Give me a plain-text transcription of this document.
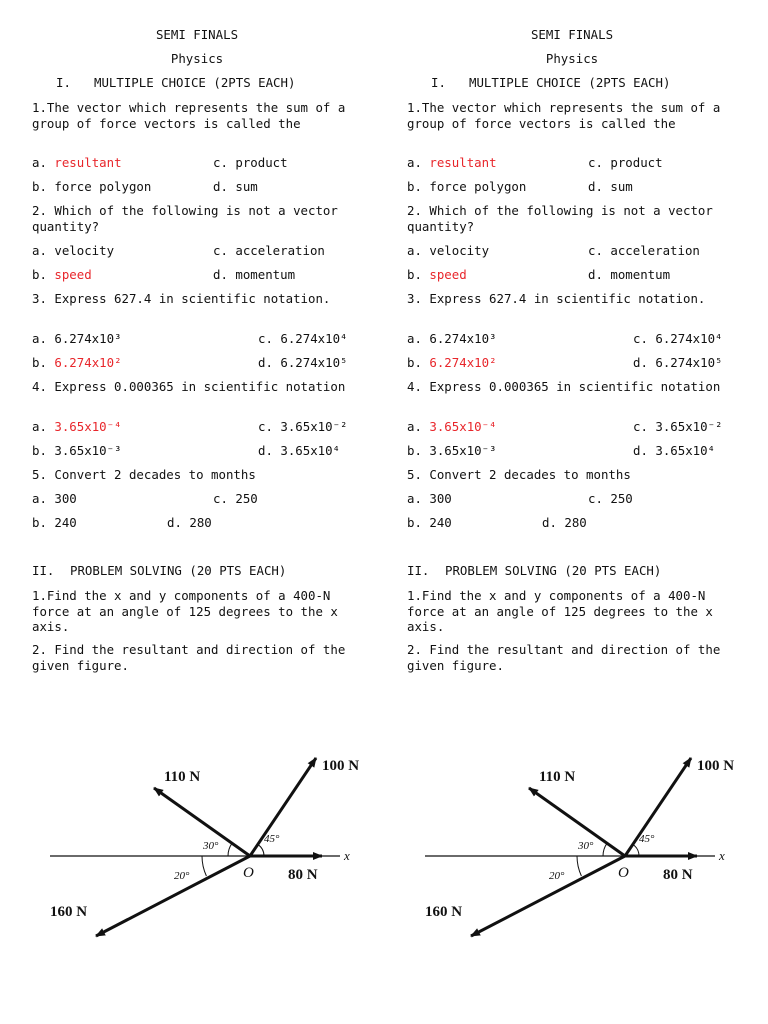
SEMI FINALS
Physics
I. MULTIPLE CHOICE (2PTS EACH)
1.The vector which represents the sum of a group of force vectors is called the
a. resultant	c. product
b. force polygon	d. sum
2. Which of the following is not a vector quantity?
a. velocity	c. acceleration
b. speed	d. momentum
3. Express 627.4 in scientific notation.
a. 6.274x10³	c. 6.274x10⁴
b. 6.274x10²	d. 6.274x10⁵
4. Express 0.000365 in scientific notation
a. 3.65x10⁻⁴	c. 3.65x10⁻²
b. 3.65x10⁻³	d. 3.65x10⁴
5. Convert 2 decades to months
a. 300	c. 250
b. 240	d. 280
II. PROBLEM SOLVING (20 PTS EACH)
1.Find the x and y components of a 400-N force at an angle of 125 degrees to the x axis.
2. Find the resultant and direction of the given figure.
x
100 N
110 N
80 N
160 N
45°
30°
20°	O
SEMI FINALS
Physics
I. MULTIPLE CHOICE (2PTS EACH)
1.The vector which represents the sum of a group of force vectors is called the
a. resultant	c. product
b. force polygon	d. sum
2. Which of the following is not a vector quantity?
a. velocity	c. acceleration
b. speed	d. momentum
3. Express 627.4 in scientific notation.
a. 6.274x10³	c. 6.274x10⁴
b. 6.274x10²	d. 6.274x10⁵
4. Express 0.000365 in scientific notation
a. 3.65x10⁻⁴	c. 3.65x10⁻²
b. 3.65x10⁻³	d. 3.65x10⁴
5. Convert 2 decades to months
a. 300	c. 250
b. 240	d. 280
II. PROBLEM SOLVING (20 PTS EACH)
1.Find the x and y components of a 400-N force at an angle of 125 degrees to the x axis.
2. Find the resultant and direction of the given figure.
x
100 N
110 N
80 N
160 N
45°
30°
20°	O
